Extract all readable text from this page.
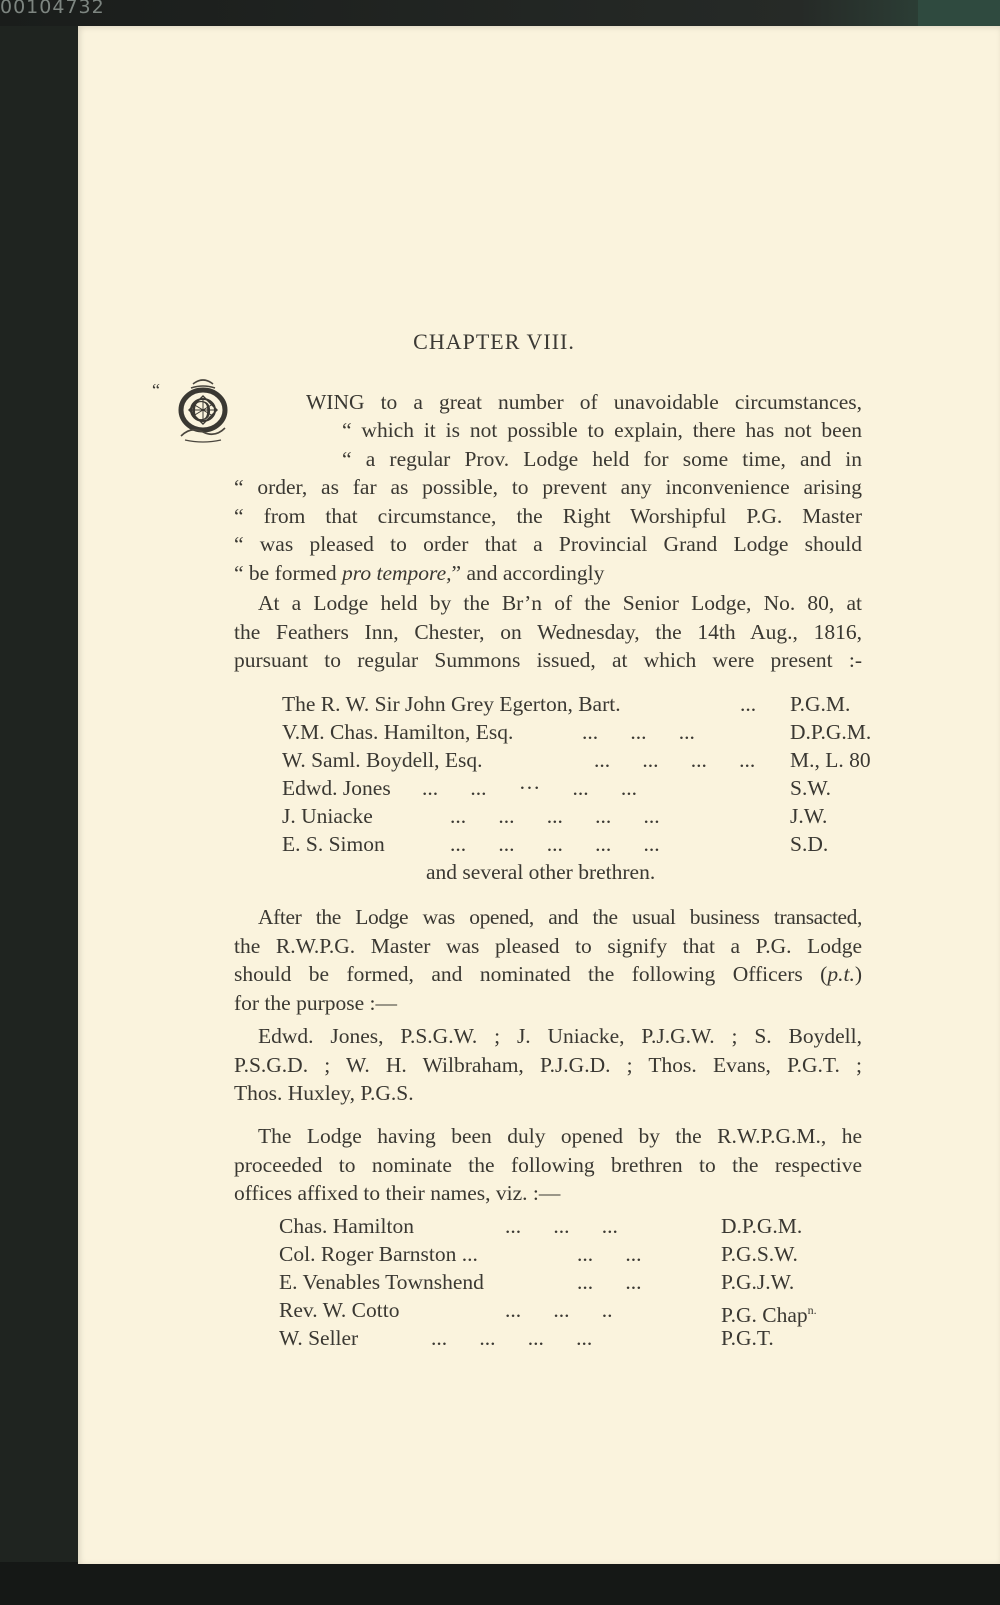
00104732
CHAPTER VIII.
“
O	WING to a great number of unavoidable circumstances,
“ which it is not possible to explain, there has not been
“ a regular Prov. Lodge held for some time, and in
“ order, as far as possible, to prevent any inconvenience arising
“ from that circumstance, the Right Worshipful P.G. Master
“ was pleased to order that a Provincial Grand Lodge should
“ be formed pro tempore,” and accordingly
At a Lodge held by the Br’n of the Senior Lodge, No. 80, at
the Feathers Inn, Chester, on Wednesday, the 14th Aug., 1816,
pursuant to regular Summons issued, at which were present :-
The R. W. Sir John Grey Egerton, Bart.	... P.G.M.
V.M. Chas. Hamilton, Esq.	...      ...      ...	D.P.G.M.
W. Saml. Boydell, Esq.	...      ...      ...      ... M., L. 80
Edwd. Jones ...      ...      ···      ...      ...	S.W.
J. Uniacke	...      ...      ...      ...      ...	J.W.
E. S. Simon	...      ...      ...      ...      ...	S.D.
and several other brethren.
After the Lodge was opened, and the usual business transacted,
the R.W.P.G. Master was pleased to signify that a P.G. Lodge
should be formed, and nominated the following Officers (p.t.)
for the purpose :—
Edwd. Jones, P.S.G.W. ; J. Uniacke, P.J.G.W. ; S. Boydell,
P.S.G.D. ; W. H. Wilbraham, P.J.G.D. ; Thos. Evans, P.G.T. ;
Thos. Huxley, P.G.S.
The Lodge having been duly opened by the R.W.P.G.M., he
proceeded to nominate the following brethren to the respective
offices affixed to their names, viz. :—
Chas. Hamilton	...      ...      ...	D.P.G.M.
Col. Roger Barnston ...	...      ...	P.G.S.W.
E. Venables Townshend	...      ...	P.G.J.W.
Rev. W. Cotto	...      ...      ..	P.G. Chap$^{n.}$
W. Seller	...      ...      ...      ...	P.G.T.
